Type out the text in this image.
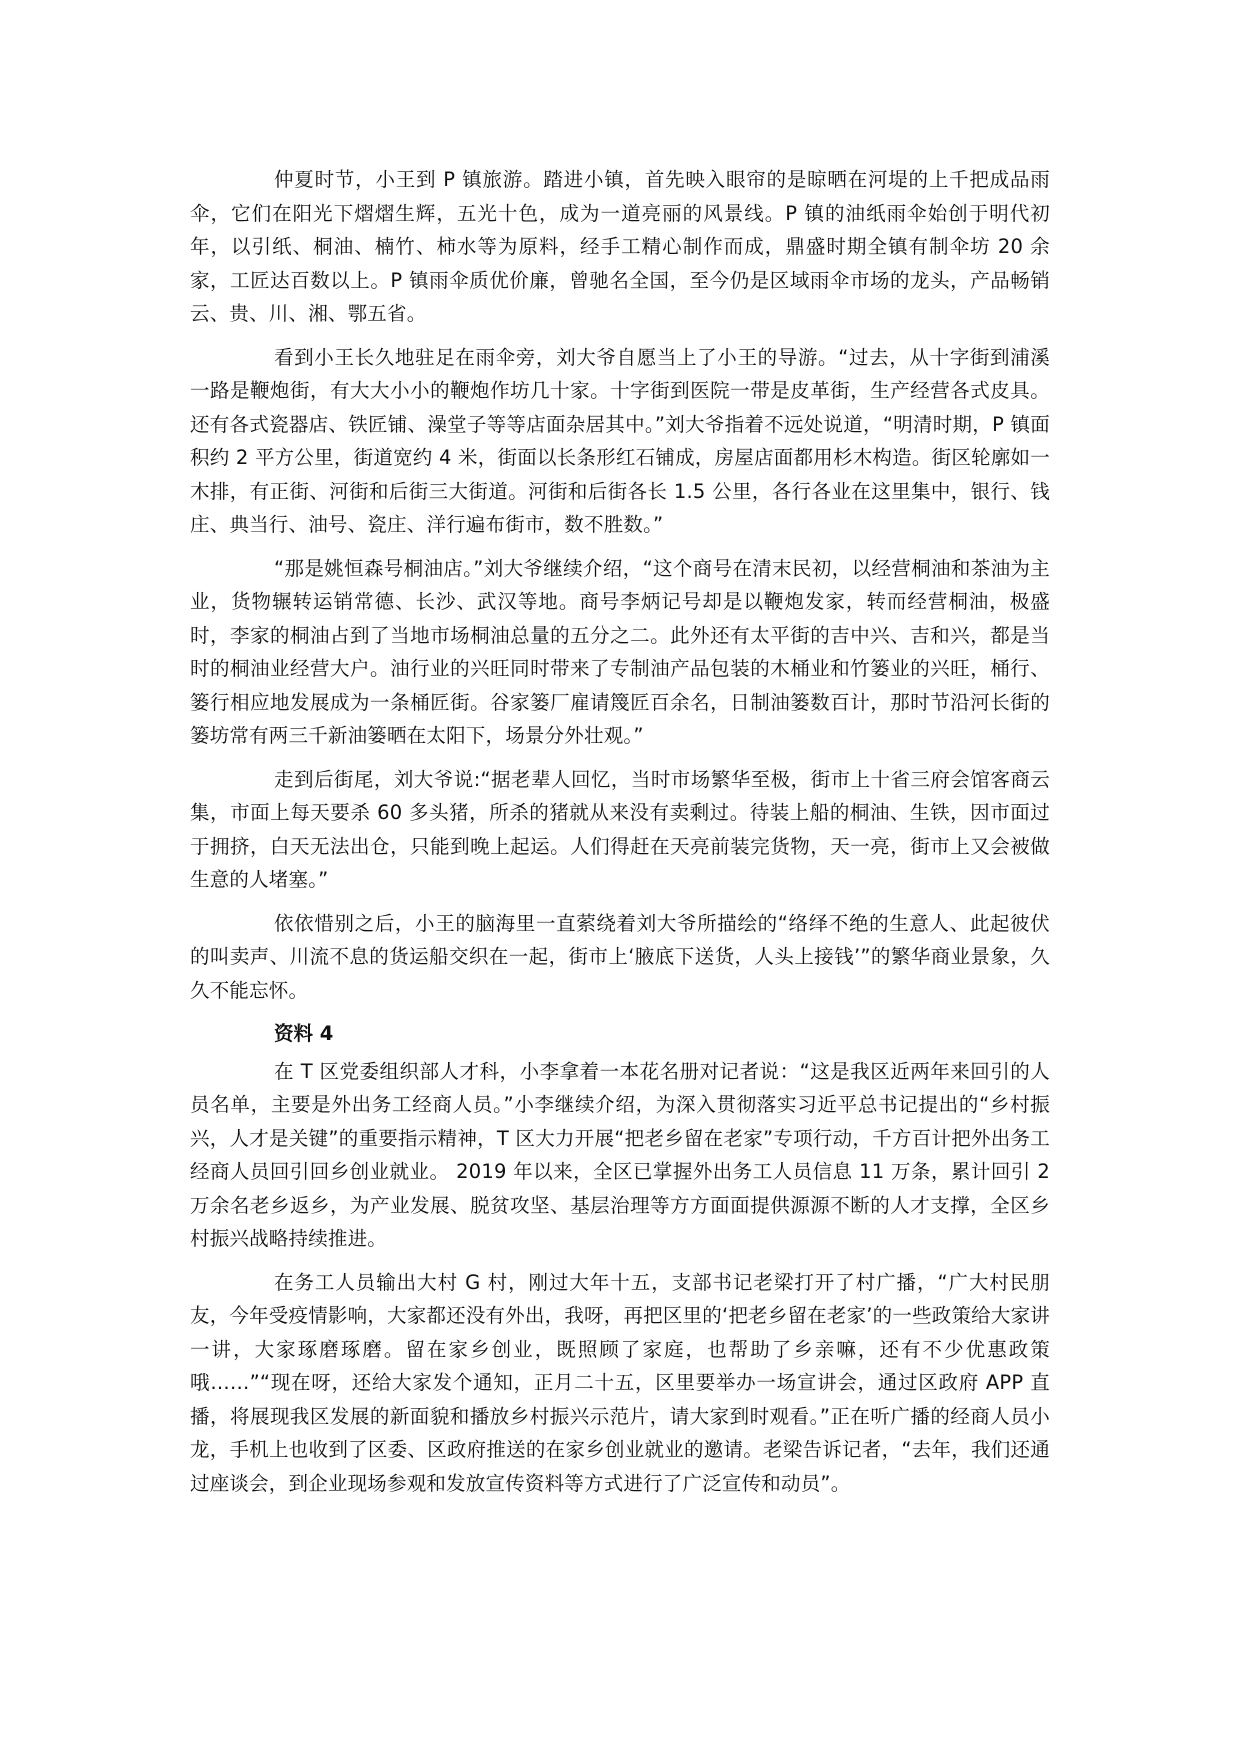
仲夏时节，小王到 P 镇旅游。踏进小镇，首先映入眼帘的是晾晒在河堤的上千把成品雨伞，它们在阳光下熠熠生辉，五光十色，成为一道亮丽的风景线。P 镇的油纸雨伞始创于明代初年，以引纸、桐油、楠竹、柿水等为原料，经手工精心制作而成，鼎盛时期全镇有制伞坊 20 余家，工匠达百数以上。P 镇雨伞质优价廉，曾驰名全国，至今仍是区域雨伞市场的龙头，产品畅销云、贵、川、湘、鄂五省。

看到小王长久地驻足在雨伞旁，刘大爷自愿当上了小王的导游。“过去，从十字街到浦溪一路是鞭炮街，有大大小小的鞭炮作坊几十家。十字街到医院一带是皮革街，生产经营各式皮具。还有各式瓷器店、铁匠铺、澡堂子等等店面杂居其中。”刘大爷指着不远处说道，“明清时期，P 镇面积约 2 平方公里，街道宽约 4 米，街面以长条形红石铺成，房屋店面都用杉木构造。街区轮廓如一木排，有正街、河街和后街三大街道。河街和后街各长 1.5 公里，各行各业在这里集中，银行、钱庄、典当行、油号、瓷庄、洋行遍布街市，数不胜数。”

“那是姚恒森号桐油店。”刘大爷继续介绍，“这个商号在清末民初，以经营桐油和茶油为主业，货物辗转运销常德、长沙、武汉等地。商号李炳记号却是以鞭炮发家，转而经营桐油，极盛时，李家的桐油占到了当地市场桐油总量的五分之二。此外还有太平街的吉中兴、吉和兴，都是当时的桐油业经营大户。油行业的兴旺同时带来了专制油产品包装的木桶业和竹篓业的兴旺，桶行、篓行相应地发展成为一条桶匠街。谷家篓厂雇请篾匠百余名，日制油篓数百计，那时节沿河长街的篓坊常有两三千新油篓晒在太阳下，场景分外壮观。”

走到后街尾，刘大爷说:“据老辈人回忆，当时市场繁华至极，街市上十省三府会馆客商云集，市面上每天要杀 60 多头猪，所杀的猪就从来没有卖剩过。待装上船的桐油、生铁，因市面过于拥挤，白天无法出仓，只能到晚上起运。人们得赶在天亮前装完货物，天一亮，街市上又会被做生意的人堵塞。”

依依惜别之后，小王的脑海里一直萦绕着刘大爷所描绘的“络绎不绝的生意人、此起彼伏的叫卖声、川流不息的货运船交织在一起，街市上‘腋底下送货，人头上接钱’”的繁华商业景象，久久不能忘怀。

资料 4

在 T 区党委组织部人才科，小李拿着一本花名册对记者说：“这是我区近两年来回引的人员名单，主要是外出务工经商人员。”小李继续介绍，为深入贯彻落实习近平总书记提出的“乡村振兴，人才是关键”的重要指示精神，T 区大力开展“把老乡留在老家”专项行动，千方百计把外出务工经商人员回引回乡创业就业。 2019 年以来，全区已掌握外出务工人员信息 11 万条，累计回引 2 万余名老乡返乡，为产业发展、脱贫攻坚、基层治理等方方面面提供源源不断的人才支撑，全区乡村振兴战略持续推进。

在务工人员输出大村 G 村，刚过大年十五，支部书记老梁打开了村广播，“广大村民朋友，今年受疫情影响，大家都还没有外出，我呀，再把区里的‘把老乡留在老家’的一些政策给大家讲一讲，大家琢磨琢磨。留在家乡创业，既照顾了家庭，也帮助了乡亲嘛，还有不少优惠政策哦……”“现在呀，还给大家发个通知，正月二十五，区里要举办一场宣讲会，通过区政府 APP 直播，将展现我区发展的新面貌和播放乡村振兴示范片，请大家到时观看。”正在听广播的经商人员小龙，手机上也收到了区委、区政府推送的在家乡创业就业的邀请。老梁告诉记者，“去年，我们还通过座谈会，到企业现场参观和发放宣传资料等方式进行了广泛宣传和动员”。
